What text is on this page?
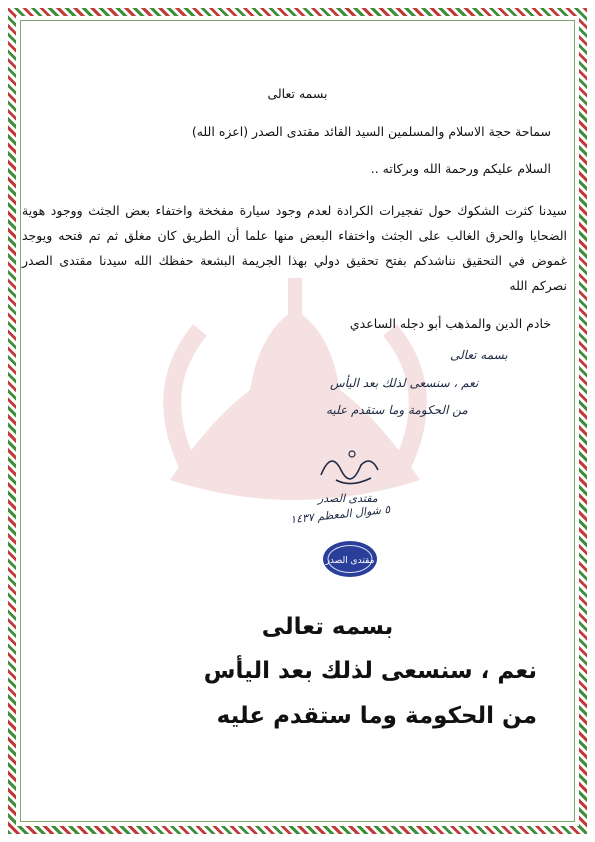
بسمه تعالى
سماحة حجة الاسلام والمسلمين السيد القائد مقتدى الصدر (اعزه الله)
السلام عليكم ورحمة الله وبركاته ..
سيدنا كثرت الشكوك حول تفجيرات الكرادة لعدم وجود سيارة مفخخة واختفاء بعض الجثث ووجود هوية الضحايا والحرق الغالب على الجثث واختفاء البعض منها علما أن الطريق كان مغلق ثم تم فتحه ويوجد غموض في التحقيق نناشدكم بفتح تحقيق دولي بهذا الجريمة البشعة حفظك الله سيدنا مقتدى الصدر نصركم الله
خادم الدين والمذهب أبو دجله الساعدي
بسمه تعالى
نعم ، سنسعى لذلك بعد اليأس
من الحكومة وما ستقدم عليه
مقتدى الصدر
٥ شوال المعظم ١٤٣٧
مقتدى الصدر
بسمه تعالى
نعم ، سنسعى لذلك بعد اليأس
من الحكومة وما ستقدم عليه
